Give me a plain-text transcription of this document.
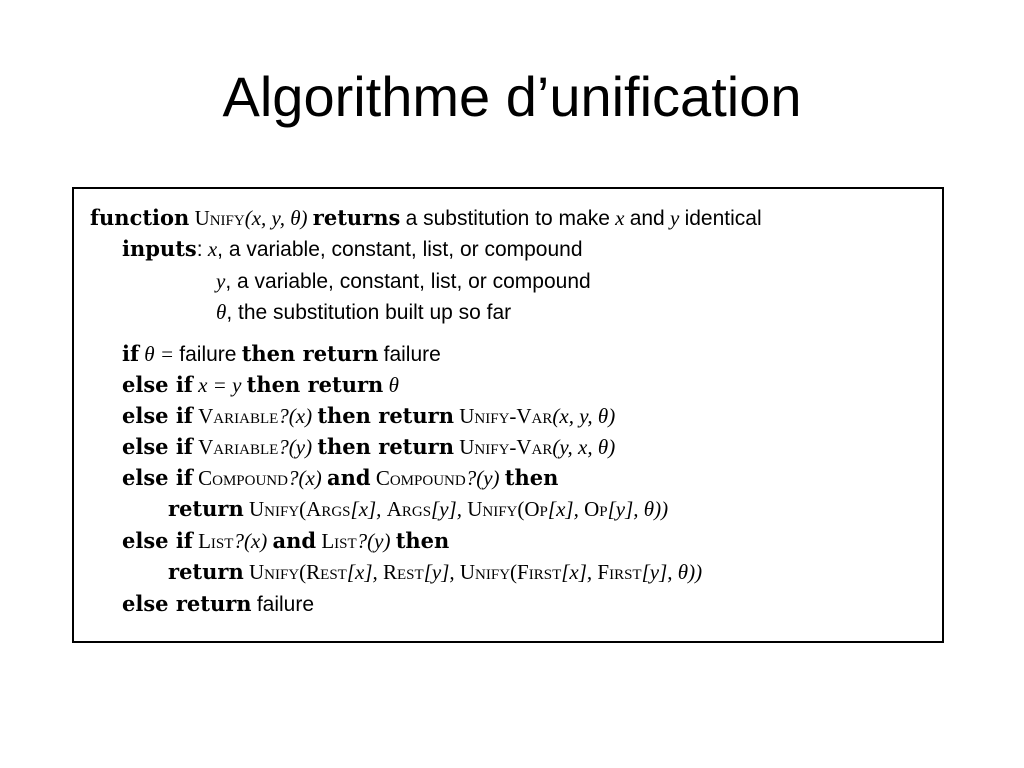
Algorithme d’unification
function Unify(x, y, θ) returns a substitution to make x and y identical
inputs: x, a variable, constant, list, or compound
y, a variable, constant, list, or compound
θ, the substitution built up so far
if θ = failure then return failure
else if x = y then return θ
else if Variable?(x) then return Unify-Var(x, y, θ)
else if Variable?(y) then return Unify-Var(y, x, θ)
else if Compound?(x) and Compound?(y) then
return Unify(Args[x], Args[y], Unify(Op[x], Op[y], θ))
else if List?(x) and List?(y) then
return Unify(Rest[x], Rest[y], Unify(First[x], First[y], θ))
else return failure
